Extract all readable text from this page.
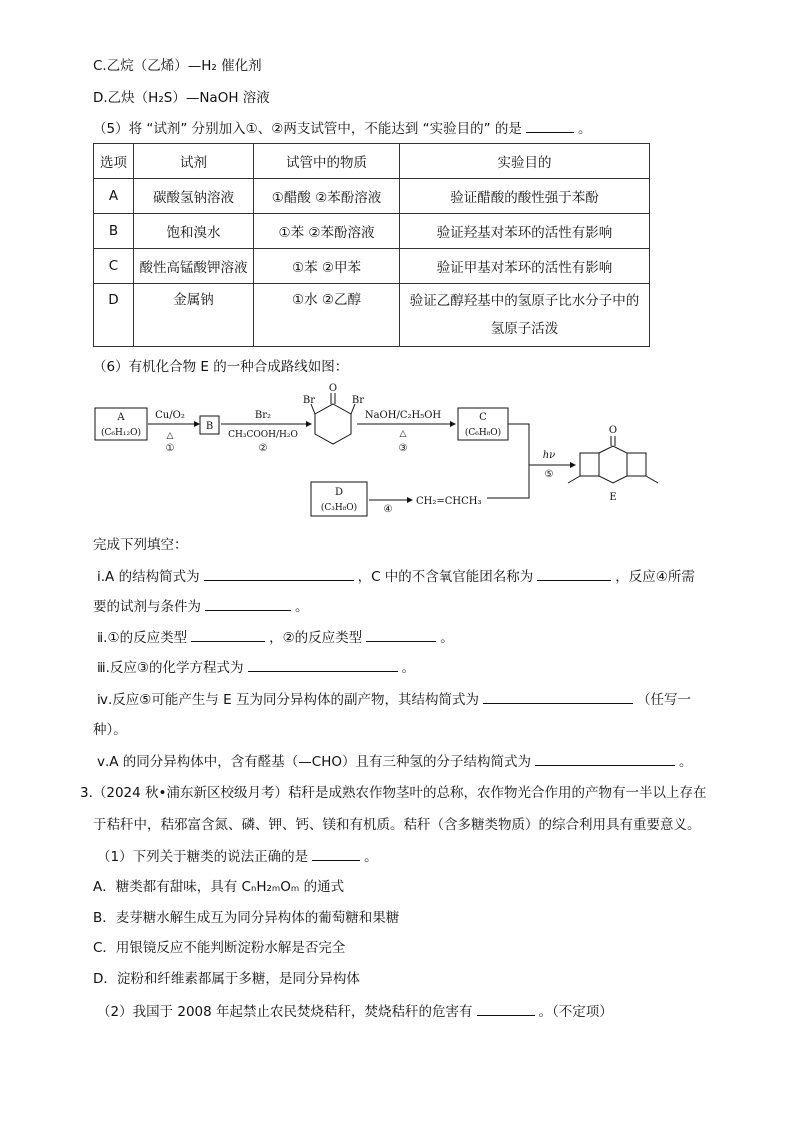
C.乙烷（乙烯）—H₂ 催化剂
D.乙炔（H₂S）—NaOH 溶液
（5）将 “试剂” 分别加入①、②两支试管中，不能达到 “实验目的” 的是	。
选项	试剂	试管中的物质	实验目的
A	碳酸氢钠溶液	①醋酸 ②苯酚溶液	验证醋酸的酸性强于苯酚
B	饱和溴水	①苯 ②苯酚溶液	验证羟基对苯环的活性有影响
C	酸性高锰酸钾溶液	①苯 ②甲苯	验证甲基对苯环的活性有影响
D	金属钠	①水 ②乙醇	验证乙醇羟基中的氢原子比水分子中的
氢原子活泼
（6）有机化合物 E 的一种合成路线如图：
A
(C₆H₁₂O)
Cu/O₂
△
①
B
Br₂
CH₃COOH/H₂O
②
O
Br	Br
NaOH/C₂H₅OH
△
③
C
(C₆H₈O)
hν
⑤
O
E
D
(C₃H₈O)	④
CH₂=CHCH₃
完成下列填空：
ⅰ.A 的结构简式为	，C 中的不含氧官能团名称为	，反应④所需
要的试剂与条件为	。
ⅱ.①的反应类型	，②的反应类型	。
ⅲ.反应③的化学方程式为	。
ⅳ.反应⑤可能产生与 E 互为同分异构体的副产物，其结构简式为	（任写一
种）。
ⅴ.A 的同分异构体中，含有醛基（—CHO）且有三种氢的分子结构简式为	。
3.（2024 秋•浦东新区校级月考）秸秆是成熟农作物茎叶的总称，农作物光合作用的产物有一半以上存在
于秸秆中，秸邪富含氮、磷、钾、钙、镁和有机质。秸秆（含多糖类物质）的综合利用具有重要意义。
（1）下列关于糖类的说法正确的是	。
A．糖类都有甜味，具有 CₙH₂ₘOₘ 的通式
B．麦芽糖水解生成互为同分异构体的葡萄糖和果糖
C．用银镜反应不能判断淀粉水解是否完全
D．淀粉和纤维素都属于多糖，是同分异构体
（2）我国于 2008 年起禁止农民焚烧秸秆，焚烧秸秆的危害有	。（不定项）
